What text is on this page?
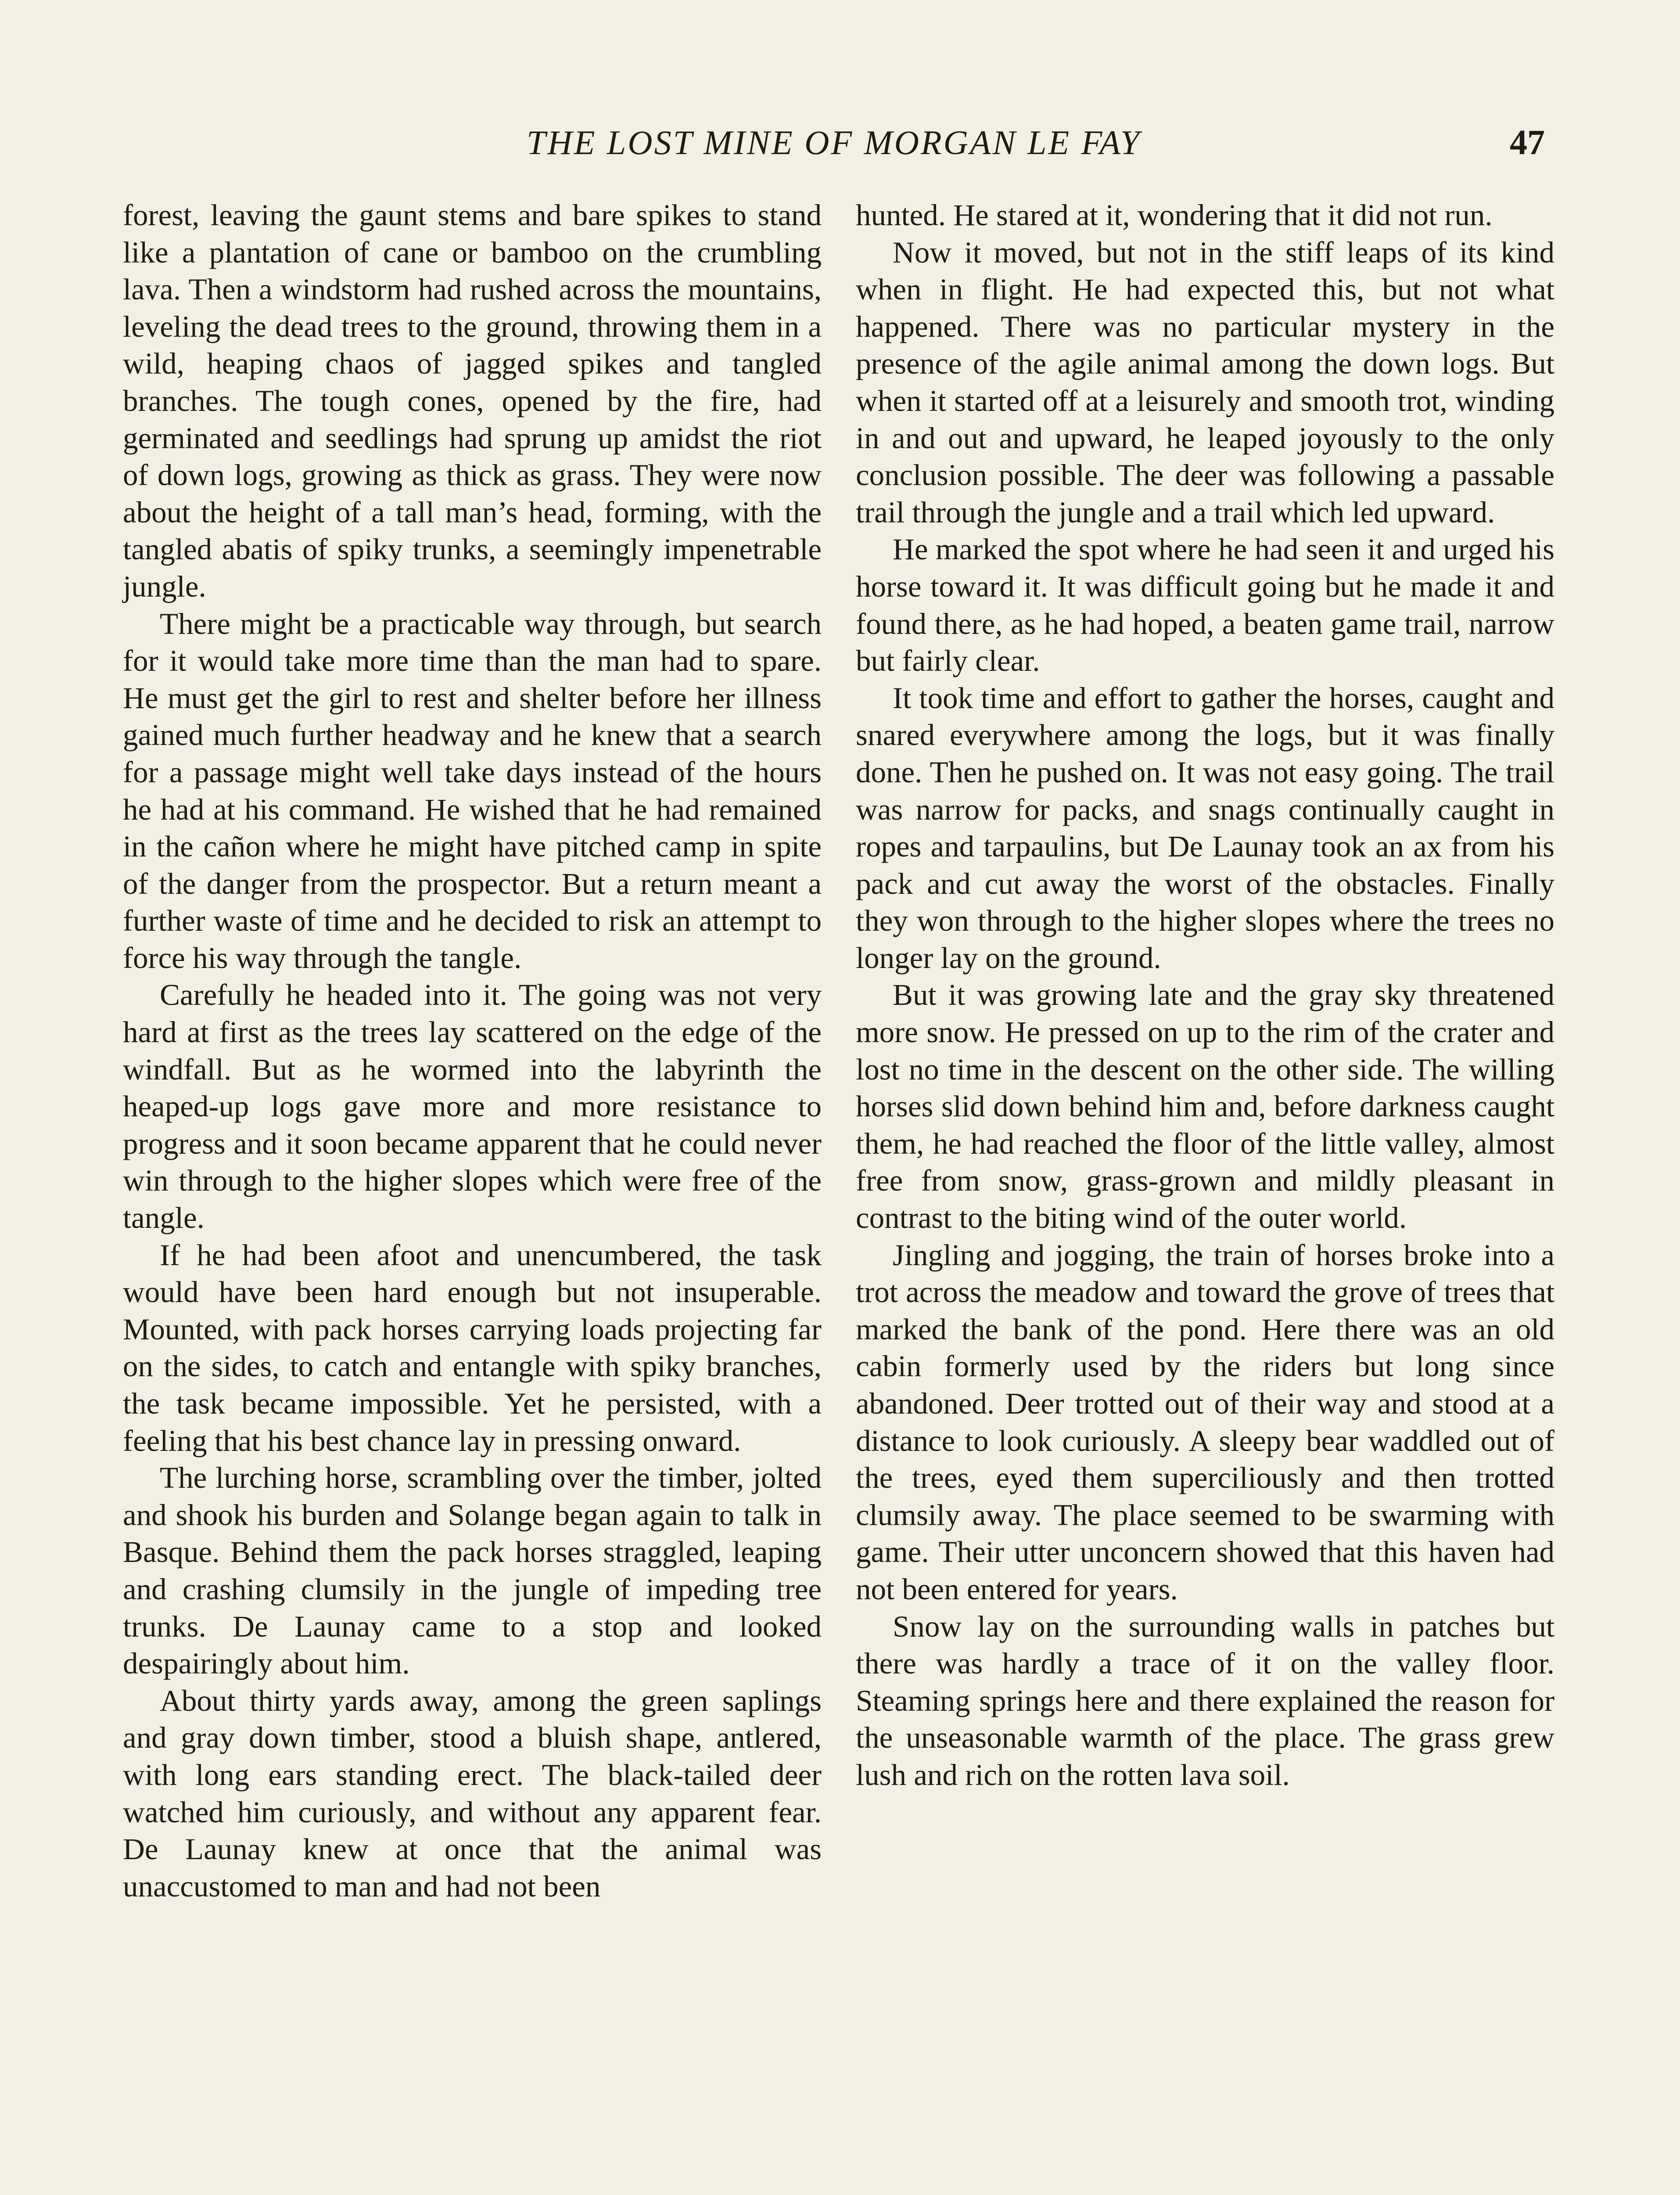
THE LOST MINE OF MORGAN LE FAY	47

forest, leaving the gaunt stems and bare spikes to stand like a plantation of cane or bamboo on the crumbling lava. Then a windstorm had rushed across the mountains, leveling the dead trees to the ground, throwing them in a wild, heaping chaos of jagged spikes and tangled branches. The tough cones, opened by the fire, had germinated and seedlings had sprung up amidst the riot of down logs, growing as thick as grass. They were now about the height of a tall man’s head, forming, with the tangled abatis of spiky trunks, a seemingly impenetrable jungle.

There might be a practicable way through, but search for it would take more time than the man had to spare. He must get the girl to rest and shelter before her illness gained much further headway and he knew that a search for a passage might well take days instead of the hours he had at his command. He wished that he had remained in the cañon where he might have pitched camp in spite of the danger from the prospector. But a return meant a further waste of time and he decided to risk an attempt to force his way through the tangle.

Carefully he headed into it. The going was not very hard at first as the trees lay scattered on the edge of the windfall. But as he wormed into the labyrinth the heaped-up logs gave more and more resistance to progress and it soon became apparent that he could never win through to the higher slopes which were free of the tangle.

If he had been afoot and unencumbered, the task would have been hard enough but not insuperable. Mounted, with pack horses carrying loads projecting far on the sides, to catch and entangle with spiky branches, the task became impossible. Yet he persisted, with a feeling that his best chance lay in pressing onward.

The lurching horse, scrambling over the timber, jolted and shook his burden and Solange began again to talk in Basque. Behind them the pack horses straggled, leaping and crashing clumsily in the jungle of impeding tree trunks. De Launay came to a stop and looked despairingly about him.

About thirty yards away, among the green saplings and gray down timber, stood a bluish shape, antlered, with long ears standing erect. The black-tailed deer watched him curiously, and without any apparent fear. De Launay knew at once that the animal was unaccustomed to man and had not been

hunted. He stared at it, wondering that it did not run.

Now it moved, but not in the stiff leaps of its kind when in flight. He had expected this, but not what happened. There was no particular mystery in the presence of the agile animal among the down logs. But when it started off at a leisurely and smooth trot, winding in and out and upward, he leaped joyously to the only conclusion possible. The deer was following a passable trail through the jungle and a trail which led upward.

He marked the spot where he had seen it and urged his horse toward it. It was difficult going but he made it and found there, as he had hoped, a beaten game trail, narrow but fairly clear.

It took time and effort to gather the horses, caught and snared everywhere among the logs, but it was finally done. Then he pushed on. It was not easy going. The trail was narrow for packs, and snags continually caught in ropes and tarpaulins, but De Launay took an ax from his pack and cut away the worst of the obstacles. Finally they won through to the higher slopes where the trees no longer lay on the ground.

But it was growing late and the gray sky threatened more snow. He pressed on up to the rim of the crater and lost no time in the descent on the other side. The willing horses slid down behind him and, before darkness caught them, he had reached the floor of the little valley, almost free from snow, grass-grown and mildly pleasant in contrast to the biting wind of the outer world.

Jingling and jogging, the train of horses broke into a trot across the meadow and toward the grove of trees that marked the bank of the pond. Here there was an old cabin formerly used by the riders but long since abandoned. Deer trotted out of their way and stood at a distance to look curiously. A sleepy bear waddled out of the trees, eyed them superciliously and then trotted clumsily away. The place seemed to be swarming with game. Their utter unconcern showed that this haven had not been entered for years.

Snow lay on the surrounding walls in patches but there was hardly a trace of it on the valley floor. Steaming springs here and there explained the reason for the unseasonable warmth of the place. The grass grew lush and rich on the rotten lava soil.
